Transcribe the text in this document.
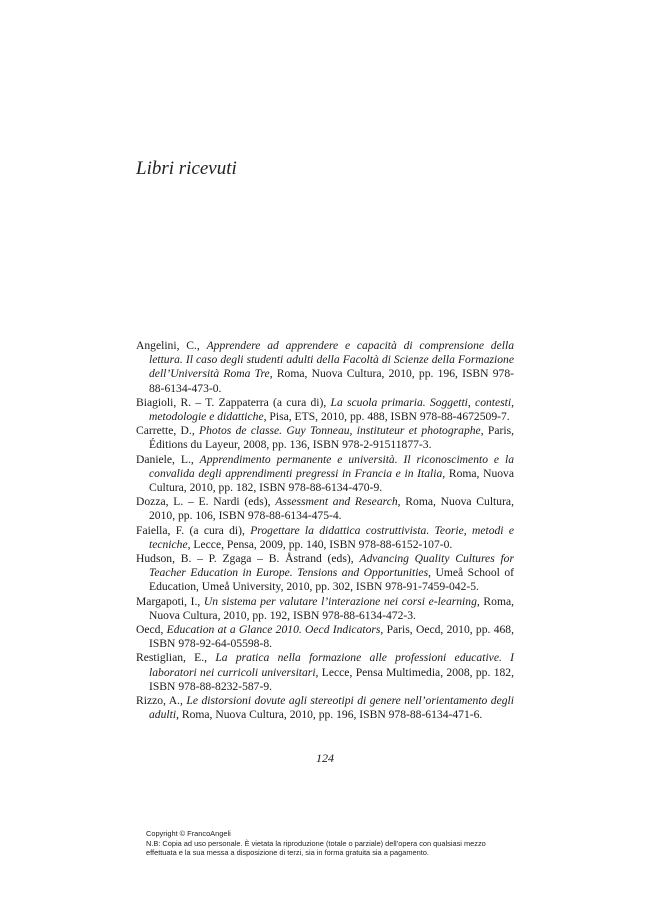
Libri ricevuti

Angelini, C., Apprendere ad apprendere e capacità di comprensione della lettura. Il caso degli studenti adulti della Facoltà di Scienze della Formazione dell’Università Roma Tre, Roma, Nuova Cultura, 2010, pp. 196, ISBN 978-88-6134-473-0.

Biagioli, R. – T. Zappaterra (a cura di), La scuola primaria. Soggetti, contesti, metodologie e didattiche, Pisa, ETS, 2010, pp. 488, ISBN 978-88-4672509-7.

Carrette, D., Photos de classe. Guy Tonneau, instituteur et photographe, Paris, Éditions du Layeur, 2008, pp. 136, ISBN 978-2-91511877-3.

Daniele, L., Apprendimento permanente e università. Il riconoscimento e la convalida degli apprendimenti pregressi in Francia e in Italia, Roma, Nuova Cultura, 2010, pp. 182, ISBN 978-88-6134-470-9.

Dozza, L. – E. Nardi (eds), Assessment and Research, Roma, Nuova Cultura, 2010, pp. 106, ISBN 978-88-6134-475-4.

Faiella, F. (a cura di), Progettare la didattica costruttivista. Teorie, metodi e tecniche, Lecce, Pensa, 2009, pp. 140, ISBN 978-88-6152-107-0.

Hudson, B. – P. Zgaga – B. Åstrand (eds), Advancing Quality Cultures for Teacher Education in Europe. Tensions and Opportunities, Umeå School of Education, Umeå University, 2010, pp. 302, ISBN 978-91-7459-042-5.

Margapoti, I., Un sistema per valutare l’interazione nei corsi e-learning, Roma, Nuova Cultura, 2010, pp. 192, ISBN 978-88-6134-472-3.

Oecd, Education at a Glance 2010. Oecd Indicators, Paris, Oecd, 2010, pp. 468, ISBN 978-92-64-05598-8.

Restiglian, E., La pratica nella formazione alle professioni educative. I laboratori nei curricoli universitari, Lecce, Pensa Multimedia, 2008, pp. 182, ISBN 978-88-8232-587-9.

Rizzo, A., Le distorsioni dovute agli stereotipi di genere nell’orientamento degli adulti, Roma, Nuova Cultura, 2010, pp. 196, ISBN 978-88-6134-471-6.

124
Copyright © FrancoAngeli
N.B: Copia ad uso personale. È vietata la riproduzione (totale o parziale) dell’opera con qualsiasi mezzo
effettuata e la sua messa a disposizione di terzi, sia in forma gratuita sia a pagamento.
